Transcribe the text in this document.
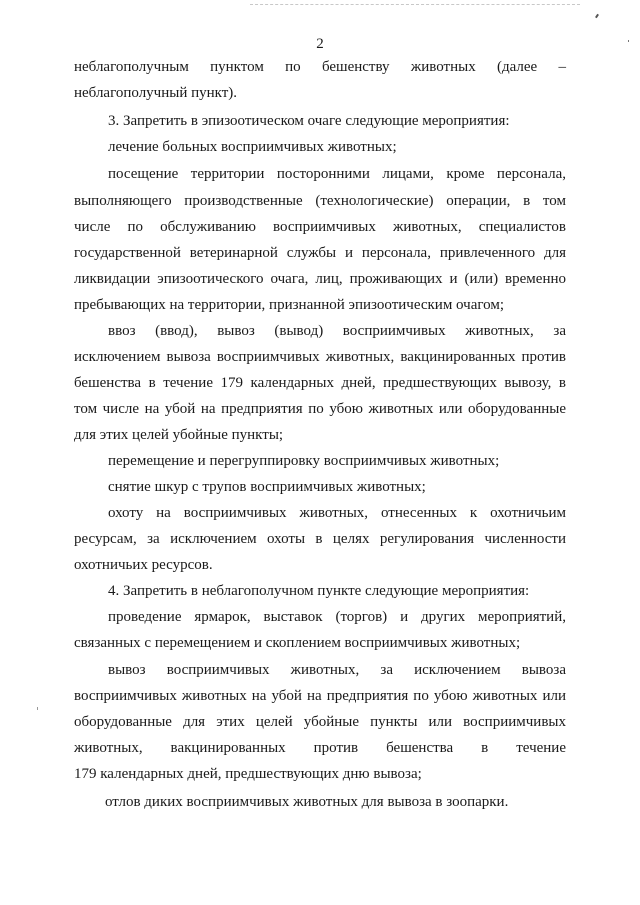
2
неблагополучным пунктом по бешенству животных (далее –
неблагополучный пункт).
3. Запретить в эпизоотическом очаге следующие мероприятия:
лечение больных восприимчивых животных;
посещение территории посторонними лицами, кроме персонала,
выполняющего производственные (технологические) операции, в том
числе по обслуживанию восприимчивых животных, специалистов
государственной ветеринарной службы и персонала, привлеченного для
ликвидации эпизоотического очага, лиц, проживающих и (или) временно
пребывающих на территории, признанной эпизоотическим очагом;
ввоз (ввод), вывоз (вывод) восприимчивых животных, за
исключением вывоза восприимчивых животных, вакцинированных против
бешенства в течение 179 календарных дней, предшествующих вывозу, в
том числе на убой на предприятия по убою животных или оборудованные
для этих целей убойные пункты;
перемещение и перегруппировку восприимчивых животных;
снятие шкур с трупов восприимчивых животных;
охоту на восприимчивых животных, отнесенных к охотничьим
ресурсам, за исключением охоты в целях регулирования численности
охотничьих ресурсов.
4. Запретить в неблагополучном пункте следующие мероприятия:
проведение ярмарок, выставок (торгов) и других мероприятий,
связанных с перемещением и скоплением восприимчивых животных;
вывоз восприимчивых животных, за исключением вывоза
восприимчивых животных на убой на предприятия по убою животных или
оборудованные для этих целей убойные пункты или восприимчивых
животных, вакцинированных против бешенства в течение
179 календарных дней, предшествующих дню вывоза;
отлов диких восприимчивых животных для вывоза в зоопарки.
